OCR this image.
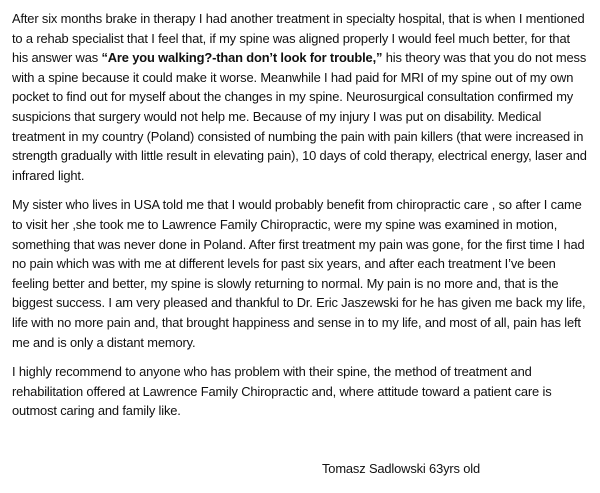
After six months brake in therapy I had another treatment in specialty hospital, that is when I mentioned to a rehab specialist that I feel that, if my spine was aligned properly I would feel much better, for that his answer was “Are you walking?-than don’t look for trouble,” his theory was that you do not mess with a spine because it could make it worse. Meanwhile I had paid for MRI of my spine out of my own pocket to find out for myself about the changes in my spine. Neurosurgical consultation confirmed my suspicions that surgery would not help me. Because of my injury I was put on disability. Medical treatment in my country (Poland) consisted of numbing the pain with pain killers (that were increased in strength gradually with little result in elevating pain), 10 days of cold therapy, electrical energy, laser and infrared light.

My sister who lives in USA told me that I would probably benefit from chiropractic care , so after I came to visit her ,she took me to Lawrence Family Chiropractic, were my spine was examined in motion, something that was never done in Poland. After first treatment my pain was gone, for the first time I had no pain which was with me at different levels for past six years, and after each treatment I’ve been feeling better and better, my spine is slowly returning to normal. My pain is no more and, that is the biggest success. I am very pleased and thankful to Dr. Eric Jaszewski for he has given me back my life, life with no more pain and, that brought happiness and sense in to my life, and most of all, pain has left me and is only a distant memory.

I highly recommend to anyone who has problem with their spine, the method of treatment and rehabilitation offered at Lawrence Family Chiropractic and, where attitude toward a patient care is outmost caring and family like.

Tomasz Sadlowski 63yrs old
